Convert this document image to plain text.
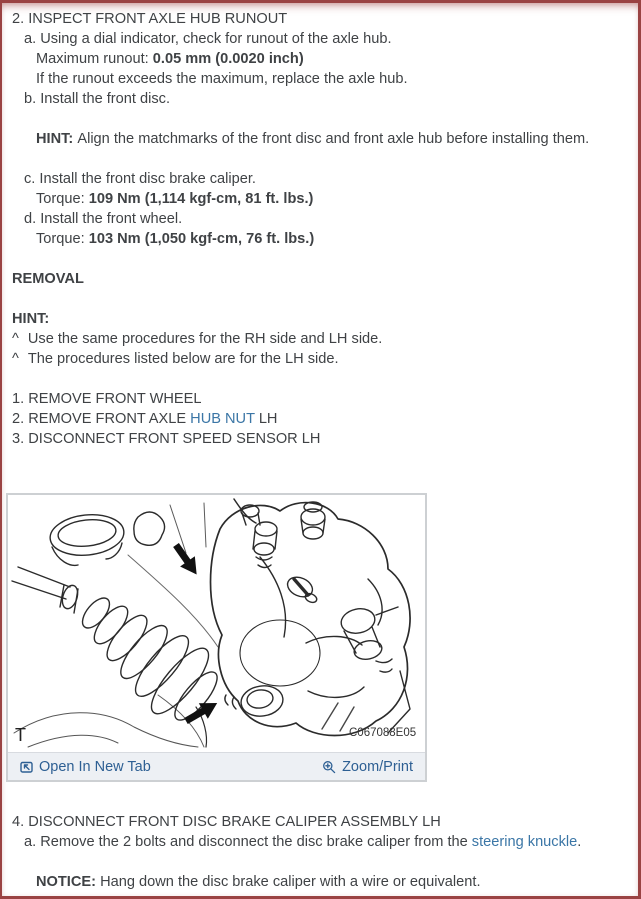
2. INSPECT FRONT AXLE HUB RUNOUT
a. Using a dial indicator, check for runout of the axle hub.
Maximum runout: 0.05 mm (0.0020 inch)
If the runout exceeds the maximum, replace the axle hub.
b. Install the front disc.
HINT: Align the matchmarks of the front disc and front axle hub before installing them.
c. Install the front disc brake caliper.
Torque: 109 Nm (1,114 kgf-cm, 81 ft. lbs.)
d. Install the front wheel.
Torque: 103 Nm (1,050 kgf-cm, 76 ft. lbs.)
REMOVAL
HINT:
^ Use the same procedures for the RH side and LH side.
^ The procedures listed below are for the LH side.
1. REMOVE FRONT WHEEL
2. REMOVE FRONT AXLE HUB NUT LH
3. DISCONNECT FRONT SPEED SENSOR LH
T	C067088E05
Open In New Tab	Zoom/Print
4. DISCONNECT FRONT DISC BRAKE CALIPER ASSEMBLY LH
a. Remove the 2 bolts and disconnect the disc brake caliper from the steering knuckle.
NOTICE: Hang down the disc brake caliper with a wire or equivalent.
